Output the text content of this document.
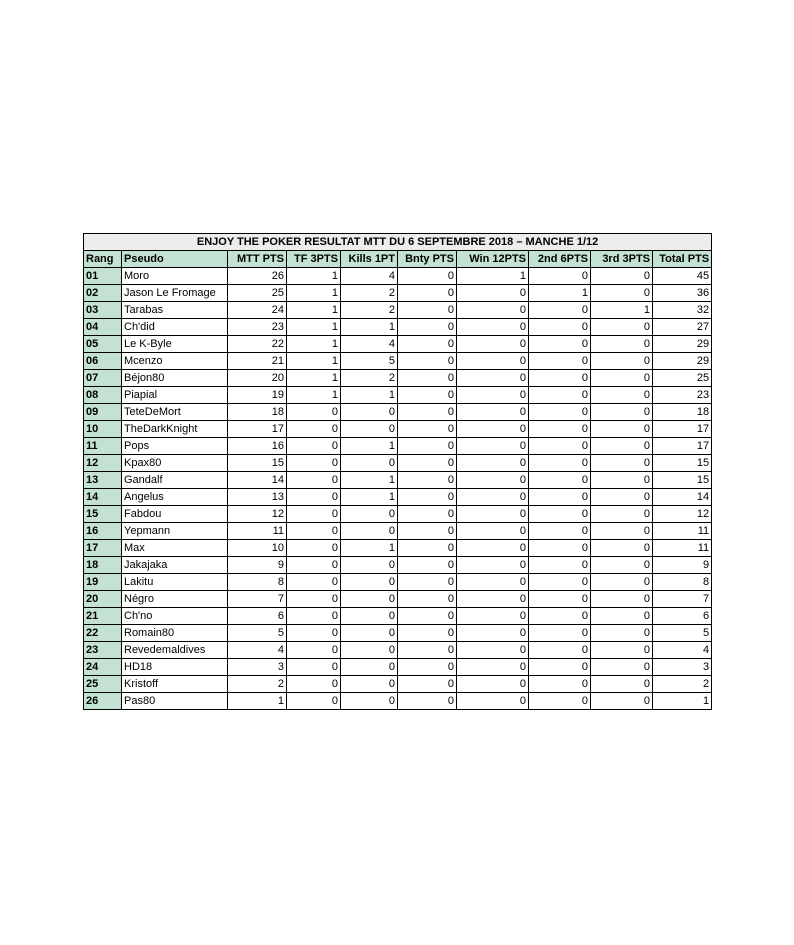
ENJOY THE POKER RESULTAT MTT DU 6 SEPTEMBRE 2018 – MANCHE 1/12									
Rang	Pseudo	MTT PTS	TF 3PTS	Kills 1PT	Bnty PTS	Win 12PTS	2nd 6PTS	3rd 3PTS	Total PTS
01	Moro	26	1	4	0	1	0	0	45
02	Jason Le Fromage	25	1	2	0	0	1	0	36
03	Tarabas	24	1	2	0	0	0	1	32
04	Ch'did	23	1	1	0	0	0	0	27
05	Le K-Byle	22	1	4	0	0	0	0	29
06	Mcenzo	21	1	5	0	0	0	0	29
07	Béjon80	20	1	2	0	0	0	0	25
08	Piapial	19	1	1	0	0	0	0	23
09	TeteDeMort	18	0	0	0	0	0	0	18
10	TheDarkKnight	17	0	0	0	0	0	0	17
11	Pops	16	0	1	0	0	0	0	17
12	Kpax80	15	0	0	0	0	0	0	15
13	Gandalf	14	0	1	0	0	0	0	15
14	Angelus	13	0	1	0	0	0	0	14
15	Fabdou	12	0	0	0	0	0	0	12
16	Yepmann	11	0	0	0	0	0	0	11
17	Max	10	0	1	0	0	0	0	11
18	Jakajaka	9	0	0	0	0	0	0	9
19	Lakitu	8	0	0	0	0	0	0	8
20	Négro	7	0	0	0	0	0	0	7
21	Ch'no	6	0	0	0	0	0	0	6
22	Romain80	5	0	0	0	0	0	0	5
23	Revedemaldives	4	0	0	0	0	0	0	4
24	HD18	3	0	0	0	0	0	0	3
25	Kristoff	2	0	0	0	0	0	0	2
26	Pas80	1	0	0	0	0	0	0	1
